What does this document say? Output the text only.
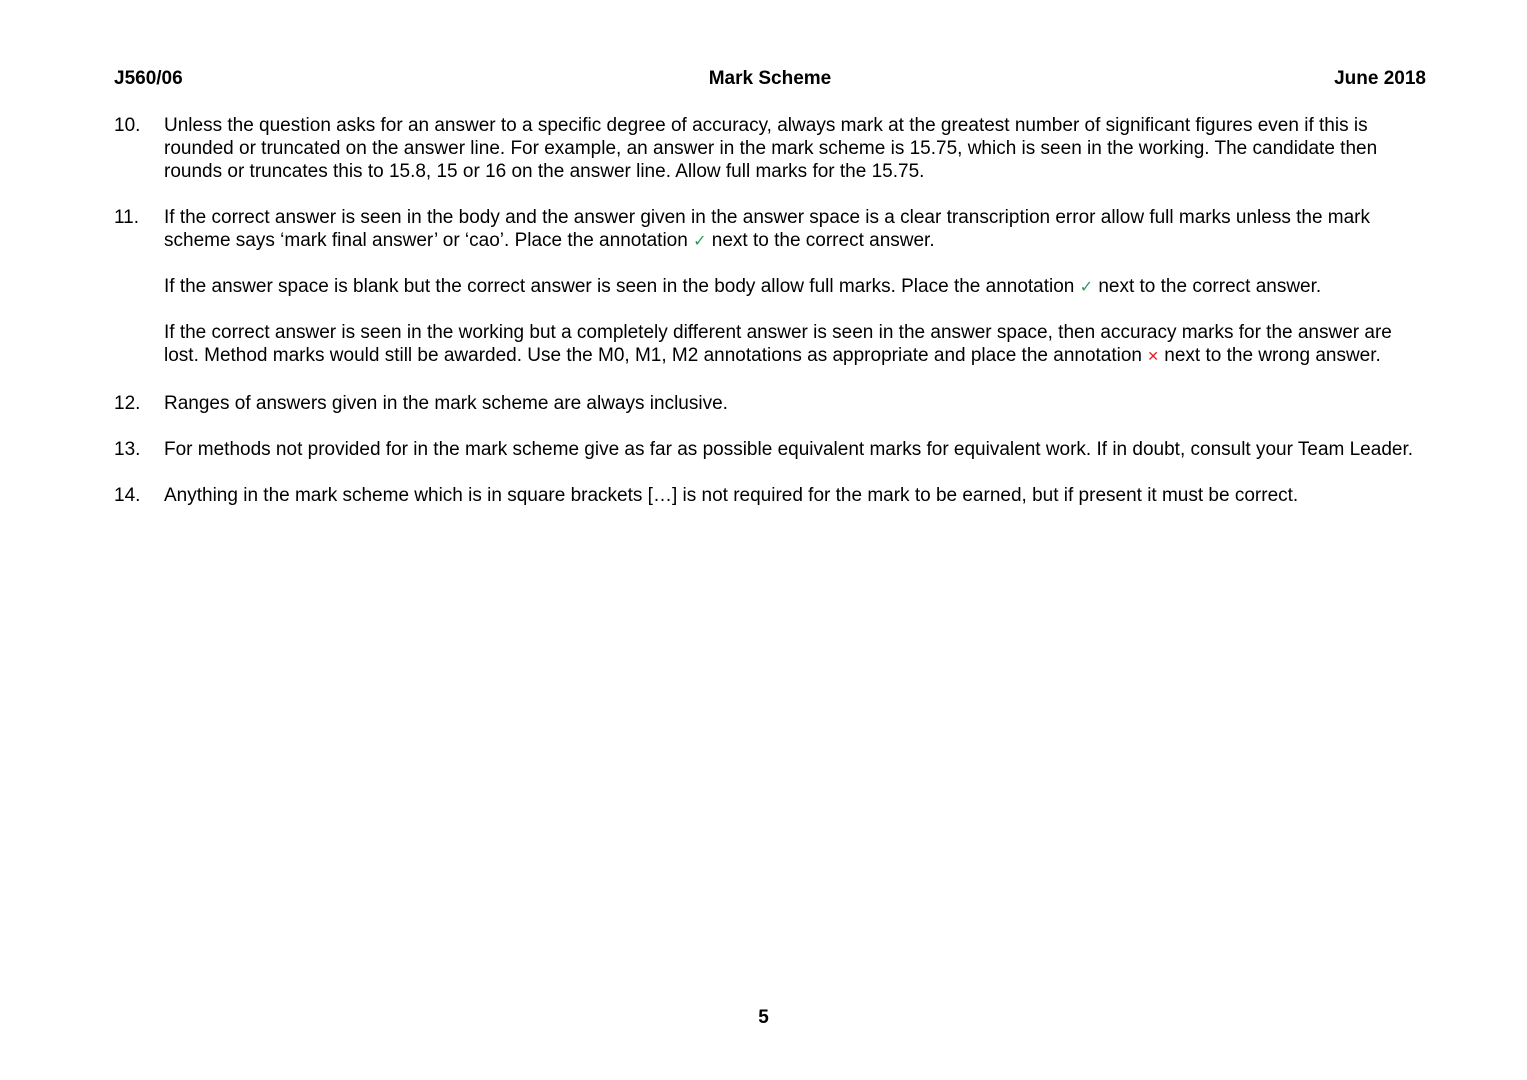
J560/06	Mark Scheme	June 2018
10. Unless the question asks for an answer to a specific degree of accuracy, always mark at the greatest number of significant figures even if this is rounded or truncated on the answer line. For example, an answer in the mark scheme is 15.75, which is seen in the working. The candidate then rounds or truncates this to 15.8, 15 or 16 on the answer line. Allow full marks for the 15.75.

11. If the correct answer is seen in the body and the answer given in the answer space is a clear transcription error allow full marks unless the mark scheme says ‘mark final answer’ or ‘cao’. Place the annotation ✓ next to the correct answer.

If the answer space is blank but the correct answer is seen in the body allow full marks. Place the annotation ✓ next to the correct answer.

If the correct answer is seen in the working but a completely different answer is seen in the answer space, then accuracy marks for the answer are lost. Method marks would still be awarded. Use the M0, M1, M2 annotations as appropriate and place the annotation ✕ next to the wrong answer.

12. Ranges of answers given in the mark scheme are always inclusive.

13. For methods not provided for in the mark scheme give as far as possible equivalent marks for equivalent work. If in doubt, consult your Team Leader.

14. Anything in the mark scheme which is in square brackets […] is not required for the mark to be earned, but if present it must be correct.

5
